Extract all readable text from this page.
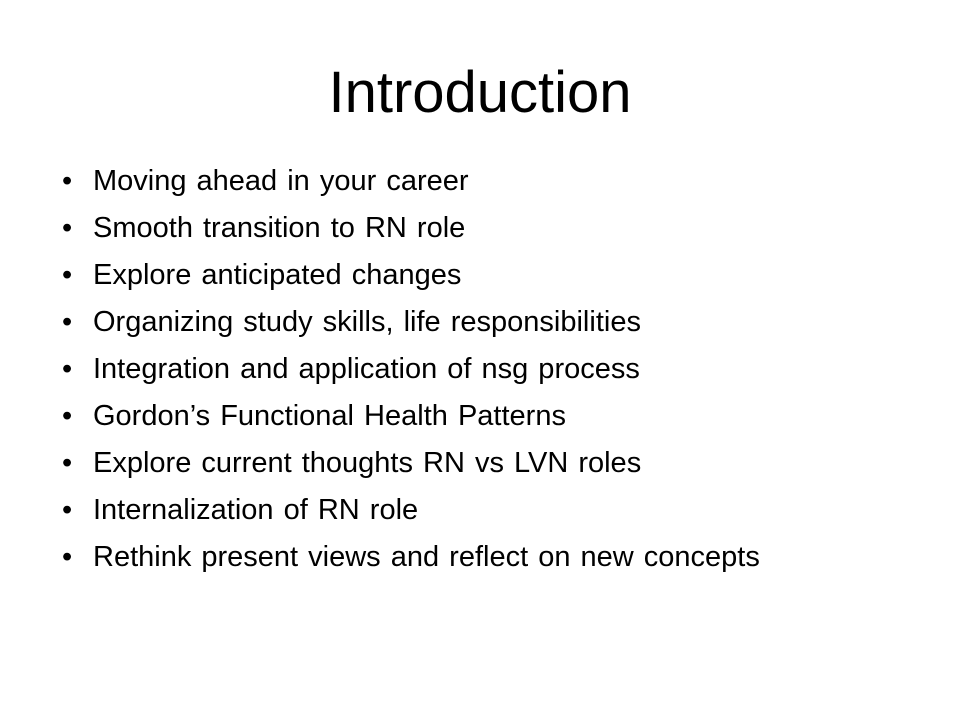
Introduction
• Moving ahead in your career
• Smooth transition to RN role
• Explore anticipated changes
• Organizing study skills, life responsibilities
• Integration and application of nsg process
• Gordon’s Functional Health Patterns
• Explore current thoughts RN vs LVN roles
• Internalization of RN role
• Rethink present views and reflect on new concepts
